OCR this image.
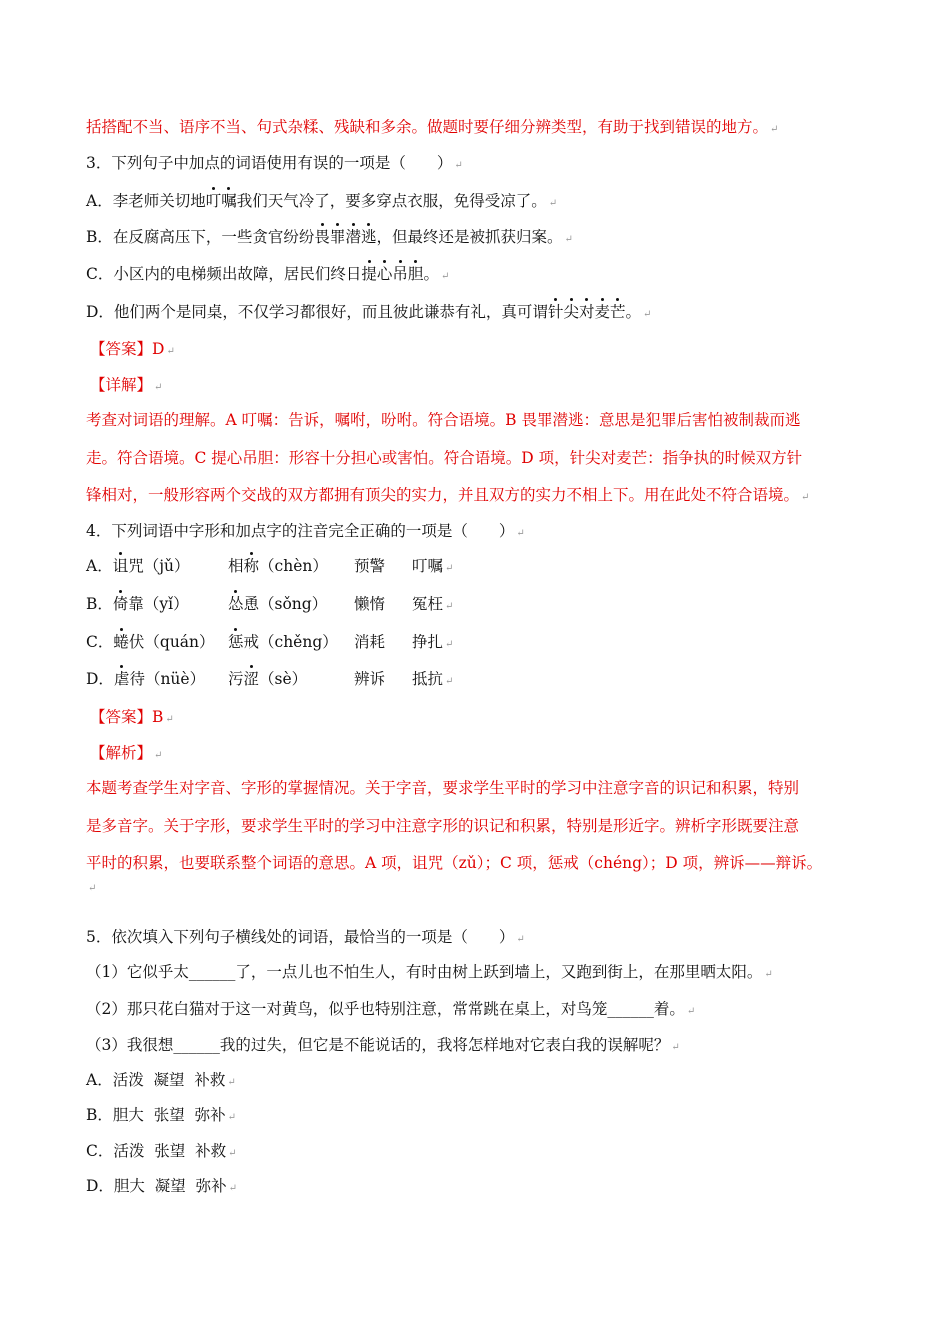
括搭配不当、语序不当、句式杂糅、残缺和多余。做题时要仔细分辨类型，有助于找到错误的地方。 ↵
3．下列句子中加点的词语使用有误的一项是（　　） ↵
A．李老师关切地叮嘱我们天气冷了，要多穿点衣服，免得受凉了。 ↵
B．在反腐高压下，一些贪官纷纷畏罪潜逃，但最终还是被抓获归案。 ↵
C．小区内的电梯频出故障，居民们终日提心吊胆。 ↵
D．他们两个是同桌，不仅学习都很好，而且彼此谦恭有礼，真可谓针尖对麦芒。 ↵
【答案】D ↵
【详解】 ↵
考查对词语的理解。A 叮嘱：告诉，嘱咐，吩咐。符合语境。B 畏罪潜逃：意思是犯罪后害怕被制裁而逃
走。符合语境。C 提心吊胆：形容十分担心或害怕。符合语境。D 项，针尖对麦芒：指争执的时候双方针
锋相对，一般形容两个交战的双方都拥有顶尖的实力，并且双方的实力不相上下。用在此处不符合语境。 ↵
4．下列词语中字形和加点字的注音完全正确的一项是（　　） ↵
A．诅咒（jǔ） 相称（chèn） 预警 叮嘱 ↵
B．倚靠（yǐ）	怂恿（sǒng） 懒惰 冤枉 ↵
C．蜷伏（quán） 惩戒（chěng） 消耗 挣扎 ↵
D．虐待（nüè） 污涩（sè）	辨诉 抵抗 ↵
【答案】B ↵
【解析】 ↵
本题考查学生对字音、字形的掌握情况。关于字音，要求学生平时的学习中注意字音的识记和积累，特别
是多音字。关于字形，要求学生平时的学习中注意字形的识记和积累，特别是形近字。辨析字形既要注意
平时的积累，也要联系整个词语的意思。A 项，诅咒（zǔ）；C 项，惩戒（chéng）；D 项，辨诉——辩诉。
↵
5．依次填入下列句子横线处的词语，最恰当的一项是（　　） ↵
（1）它似乎太______了，一点儿也不怕生人，有时由树上跃到墙上，又跑到街上，在那里晒太阳。 ↵
（2）那只花白猫对于这一对黄鸟，似乎也特别注意，常常跳在桌上，对鸟笼______着。 ↵
（3）我很想______我的过失，但它是不能说话的，我将怎样地对它表白我的误解呢？ ↵
A．活泼  凝望  补救 ↵
B．胆大  张望  弥补 ↵
C．活泼  张望  补救 ↵
D．胆大  凝望  弥补 ↵
